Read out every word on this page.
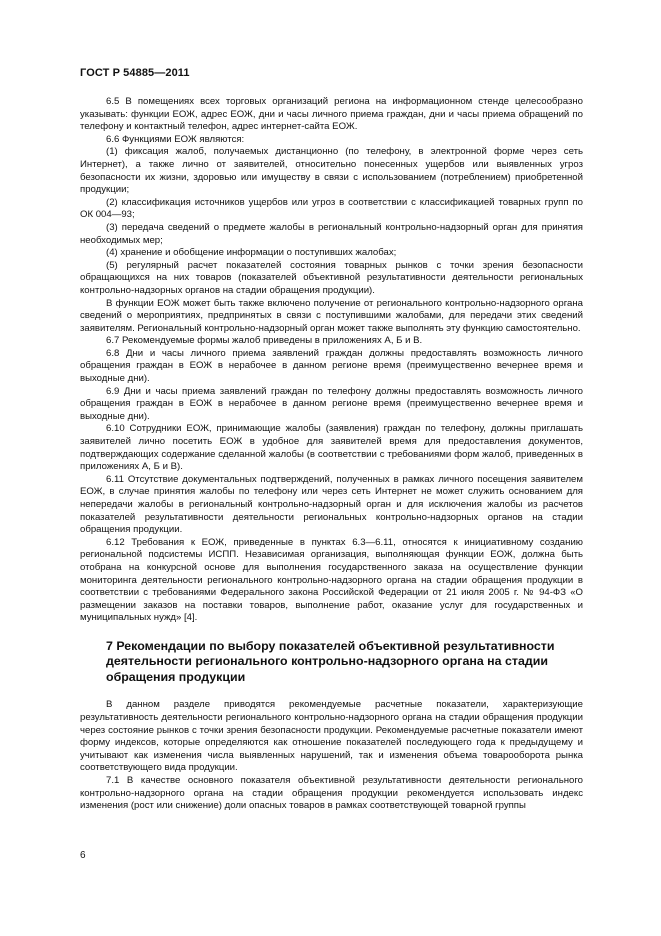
ГОСТ Р 54885—2011

6.5 В помещениях всех торговых организаций региона на информационном стенде целесообразно указывать: функции ЕОЖ, адрес ЕОЖ, дни и часы личного приема граждан, дни и часы приема обращений по телефону и контактный телефон, адрес интернет-сайта ЕОЖ.

6.6 Функциями ЕОЖ являются:

(1) фиксация жалоб, получаемых дистанционно (по телефону, в электронной форме через сеть Интернет), а также лично от заявителей, относительно понесенных ущербов или выявленных угроз безопасности их жизни, здоровью или имуществу в связи с использованием (потреблением) приобретенной продукции;

(2) классификация источников ущербов или угроз в соответствии с классификацией товарных групп по ОК 004—93;

(3) передача сведений о предмете жалобы в региональный контрольно-надзорный орган для принятия необходимых мер;

(4) хранение и обобщение информации о поступивших жалобах;

(5) регулярный расчет показателей состояния товарных рынков с точки зрения безопасности обращающихся на них товаров (показателей объективной результативности деятельности региональных контрольно-надзорных органов на стадии обращения продукции).

В функции ЕОЖ может быть также включено получение от регионального контрольно-надзорного органа сведений о мероприятиях, предпринятых в связи с поступившими жалобами, для передачи этих сведений заявителям. Региональный контрольно-надзорный орган может также выполнять эту функцию самостоятельно.

6.7 Рекомендуемые формы жалоб приведены в приложениях А, Б и В.

6.8 Дни и часы личного приема заявлений граждан должны предоставлять возможность личного обращения граждан в ЕОЖ в нерабочее в данном регионе время (преимущественно вечернее время и выходные дни).

6.9 Дни и часы приема заявлений граждан по телефону должны предоставлять возможность личного обращения граждан в ЕОЖ в нерабочее в данном регионе время (преимущественно вечернее время и выходные дни).

6.10 Сотрудники ЕОЖ, принимающие жалобы (заявления) граждан по телефону, должны приглашать заявителей лично посетить ЕОЖ в удобное для заявителей время для предоставления документов, подтверждающих содержание сделанной жалобы (в соответствии с требованиями форм жалоб, приведенных в приложениях А, Б и В).

6.11 Отсутствие документальных подтверждений, полученных в рамках личного посещения заявителем ЕОЖ, в случае принятия жалобы по телефону или через сеть Интернет не может служить основанием для непередачи жалобы в региональный контрольно-надзорный орган и для исключения жалобы из расчетов показателей результативности деятельности региональных контрольно-надзорных органов на стадии обращения продукции.

6.12 Требования к ЕОЖ, приведенные в пунктах 6.3—6.11, относятся к инициативному созданию региональной подсистемы ИСПП. Независимая организация, выполняющая функции ЕОЖ, должна быть отобрана на конкурсной основе для выполнения государственного заказа на осуществление функции мониторинга деятельности регионального контрольно-надзорного органа на стадии обращения продукции в соответствии с требованиями Федерального закона Российской Федерации от 21 июля 2005 г. № 94-ФЗ «О размещении заказов на поставки товаров, выполнение работ, оказание услуг для государственных и муниципальных нужд» [4].

7 Рекомендации по выбору показателей объективной результативности деятельности регионального контрольно-надзорного органа на стадии обращения продукции

В данном разделе приводятся рекомендуемые расчетные показатели, характеризующие результативность деятельности регионального контрольно-надзорного органа на стадии обращения продукции через состояние рынков с точки зрения безопасности продукции. Рекомендуемые расчетные показатели имеют форму индексов, которые определяются как отношение показателей последующего года к предыдущему и учитывают как изменения числа выявленных нарушений, так и изменения объема товарооборота рынка соответствующего вида продукции.

7.1 В качестве основного показателя объективной результативности деятельности регионального контрольно-надзорного органа на стадии обращения продукции рекомендуется использовать индекс изменения (рост или снижение) доли опасных товаров в рамках соответствующей товарной группы

6
